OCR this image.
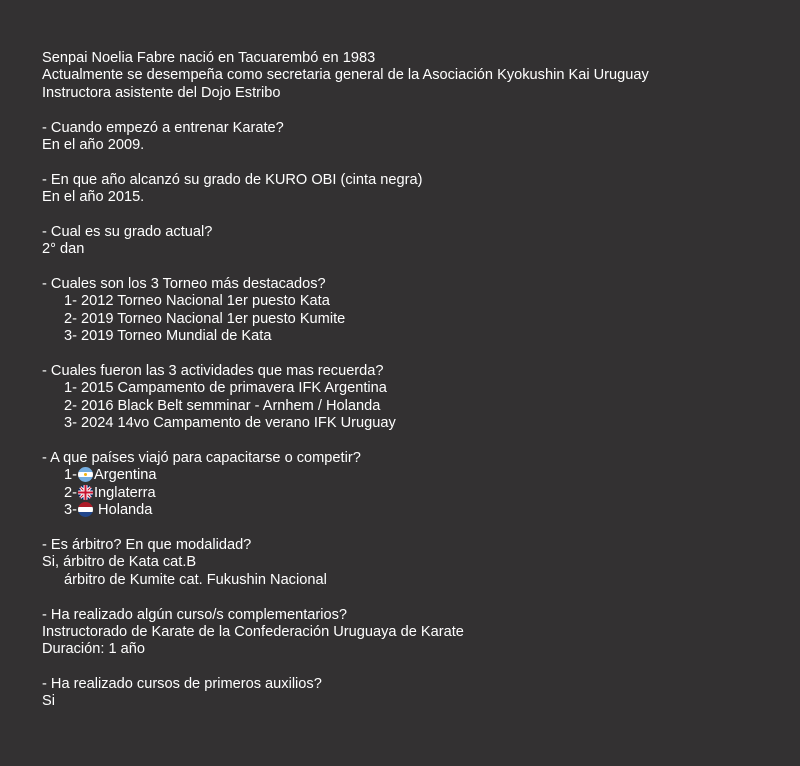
Senpai Noelia Fabre nació en Tacuarembó en 1983
Actualmente se desempeña como secretaria general de la Asociación Kyokushin Kai Uruguay
Instructora asistente del Dojo Estribo
- Cuando empezó a entrenar Karate?
En el año 2009.
- En que año alcanzó su grado de KURO OBI (cinta negra)
En el año 2015.
- Cual es su grado actual?
2° dan
- Cuales son los 3 Torneo más destacados?
1- 2012 Torneo Nacional 1er puesto Kata
2- 2019 Torneo Nacional 1er puesto Kumite
3- 2019 Torneo Mundial de Kata
- Cuales fueron las 3 actividades que mas recuerda?
1- 2015 Campamento de primavera IFK Argentina
2- 2016 Black Belt semminar - Arnhem / Holanda
3- 2024 14vo Campamento de verano IFK Uruguay
- A que países viajó para capacitarse o competir?
1- Argentina
2- Inglaterra
3- Holanda
- Es árbitro? En que modalidad?
Si, árbitro de Kata cat.B
árbitro de Kumite cat. Fukushin Nacional
- Ha realizado algún curso/s complementarios?
Instructorado de Karate de la Confederación Uruguaya de Karate
Duración: 1 año
- Ha realizado cursos de primeros auxilios?
Si
